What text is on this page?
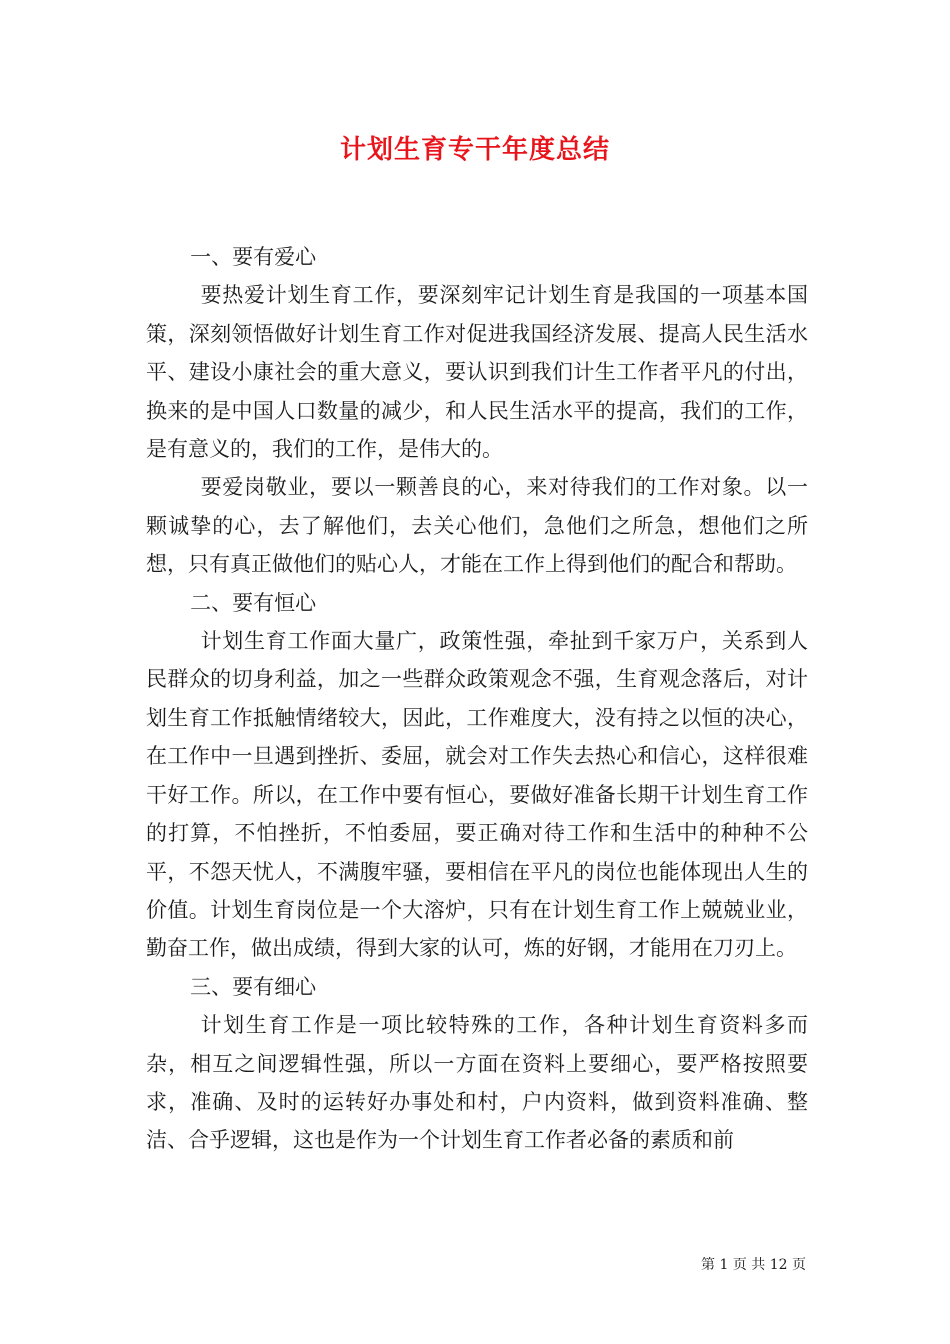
计划生育专干年度总结

一、要有爱心

要热爱计划生育工作，要深刻牢记计划生育是我国的一项基本国策，深刻领悟做好计划生育工作对促进我国经济发展、提高人民生活水平、建设小康社会的重大意义，要认识到我们计生工作者平凡的付出，换来的是中国人口数量的减少，和人民生活水平的提高，我们的工作，是有意义的，我们的工作，是伟大的。

要爱岗敬业，要以一颗善良的心，来对待我们的工作对象。以一颗诚挚的心，去了解他们，去关心他们，急他们之所急，想他们之所想，只有真正做他们的贴心人，才能在工作上得到他们的配合和帮助。

二、要有恒心

计划生育工作面大量广，政策性强，牵扯到千家万户，关系到人民群众的切身利益，加之一些群众政策观念不强，生育观念落后，对计划生育工作抵触情绪较大，因此，工作难度大，没有持之以恒的决心，在工作中一旦遇到挫折、委屈，就会对工作失去热心和信心，这样很难干好工作。所以，在工作中要有恒心，要做好准备长期干计划生育工作的打算，不怕挫折，不怕委屈，要正确对待工作和生活中的种种不公平，不怨天忧人，不满腹牢骚，要相信在平凡的岗位也能体现出人生的价值。计划生育岗位是一个大溶炉，只有在计划生育工作上兢兢业业，勤奋工作，做出成绩，得到大家的认可，炼的好钢，才能用在刀刃上。

三、要有细心

计划生育工作是一项比较特殊的工作，各种计划生育资料多而杂，相互之间逻辑性强，所以一方面在资料上要细心，要严格按照要求，准确、及时的运转好办事处和村，户内资料，做到资料准确、整洁、合乎逻辑，这也是作为一个计划生育工作者必备的素质和前

第 1 页 共 12 页
